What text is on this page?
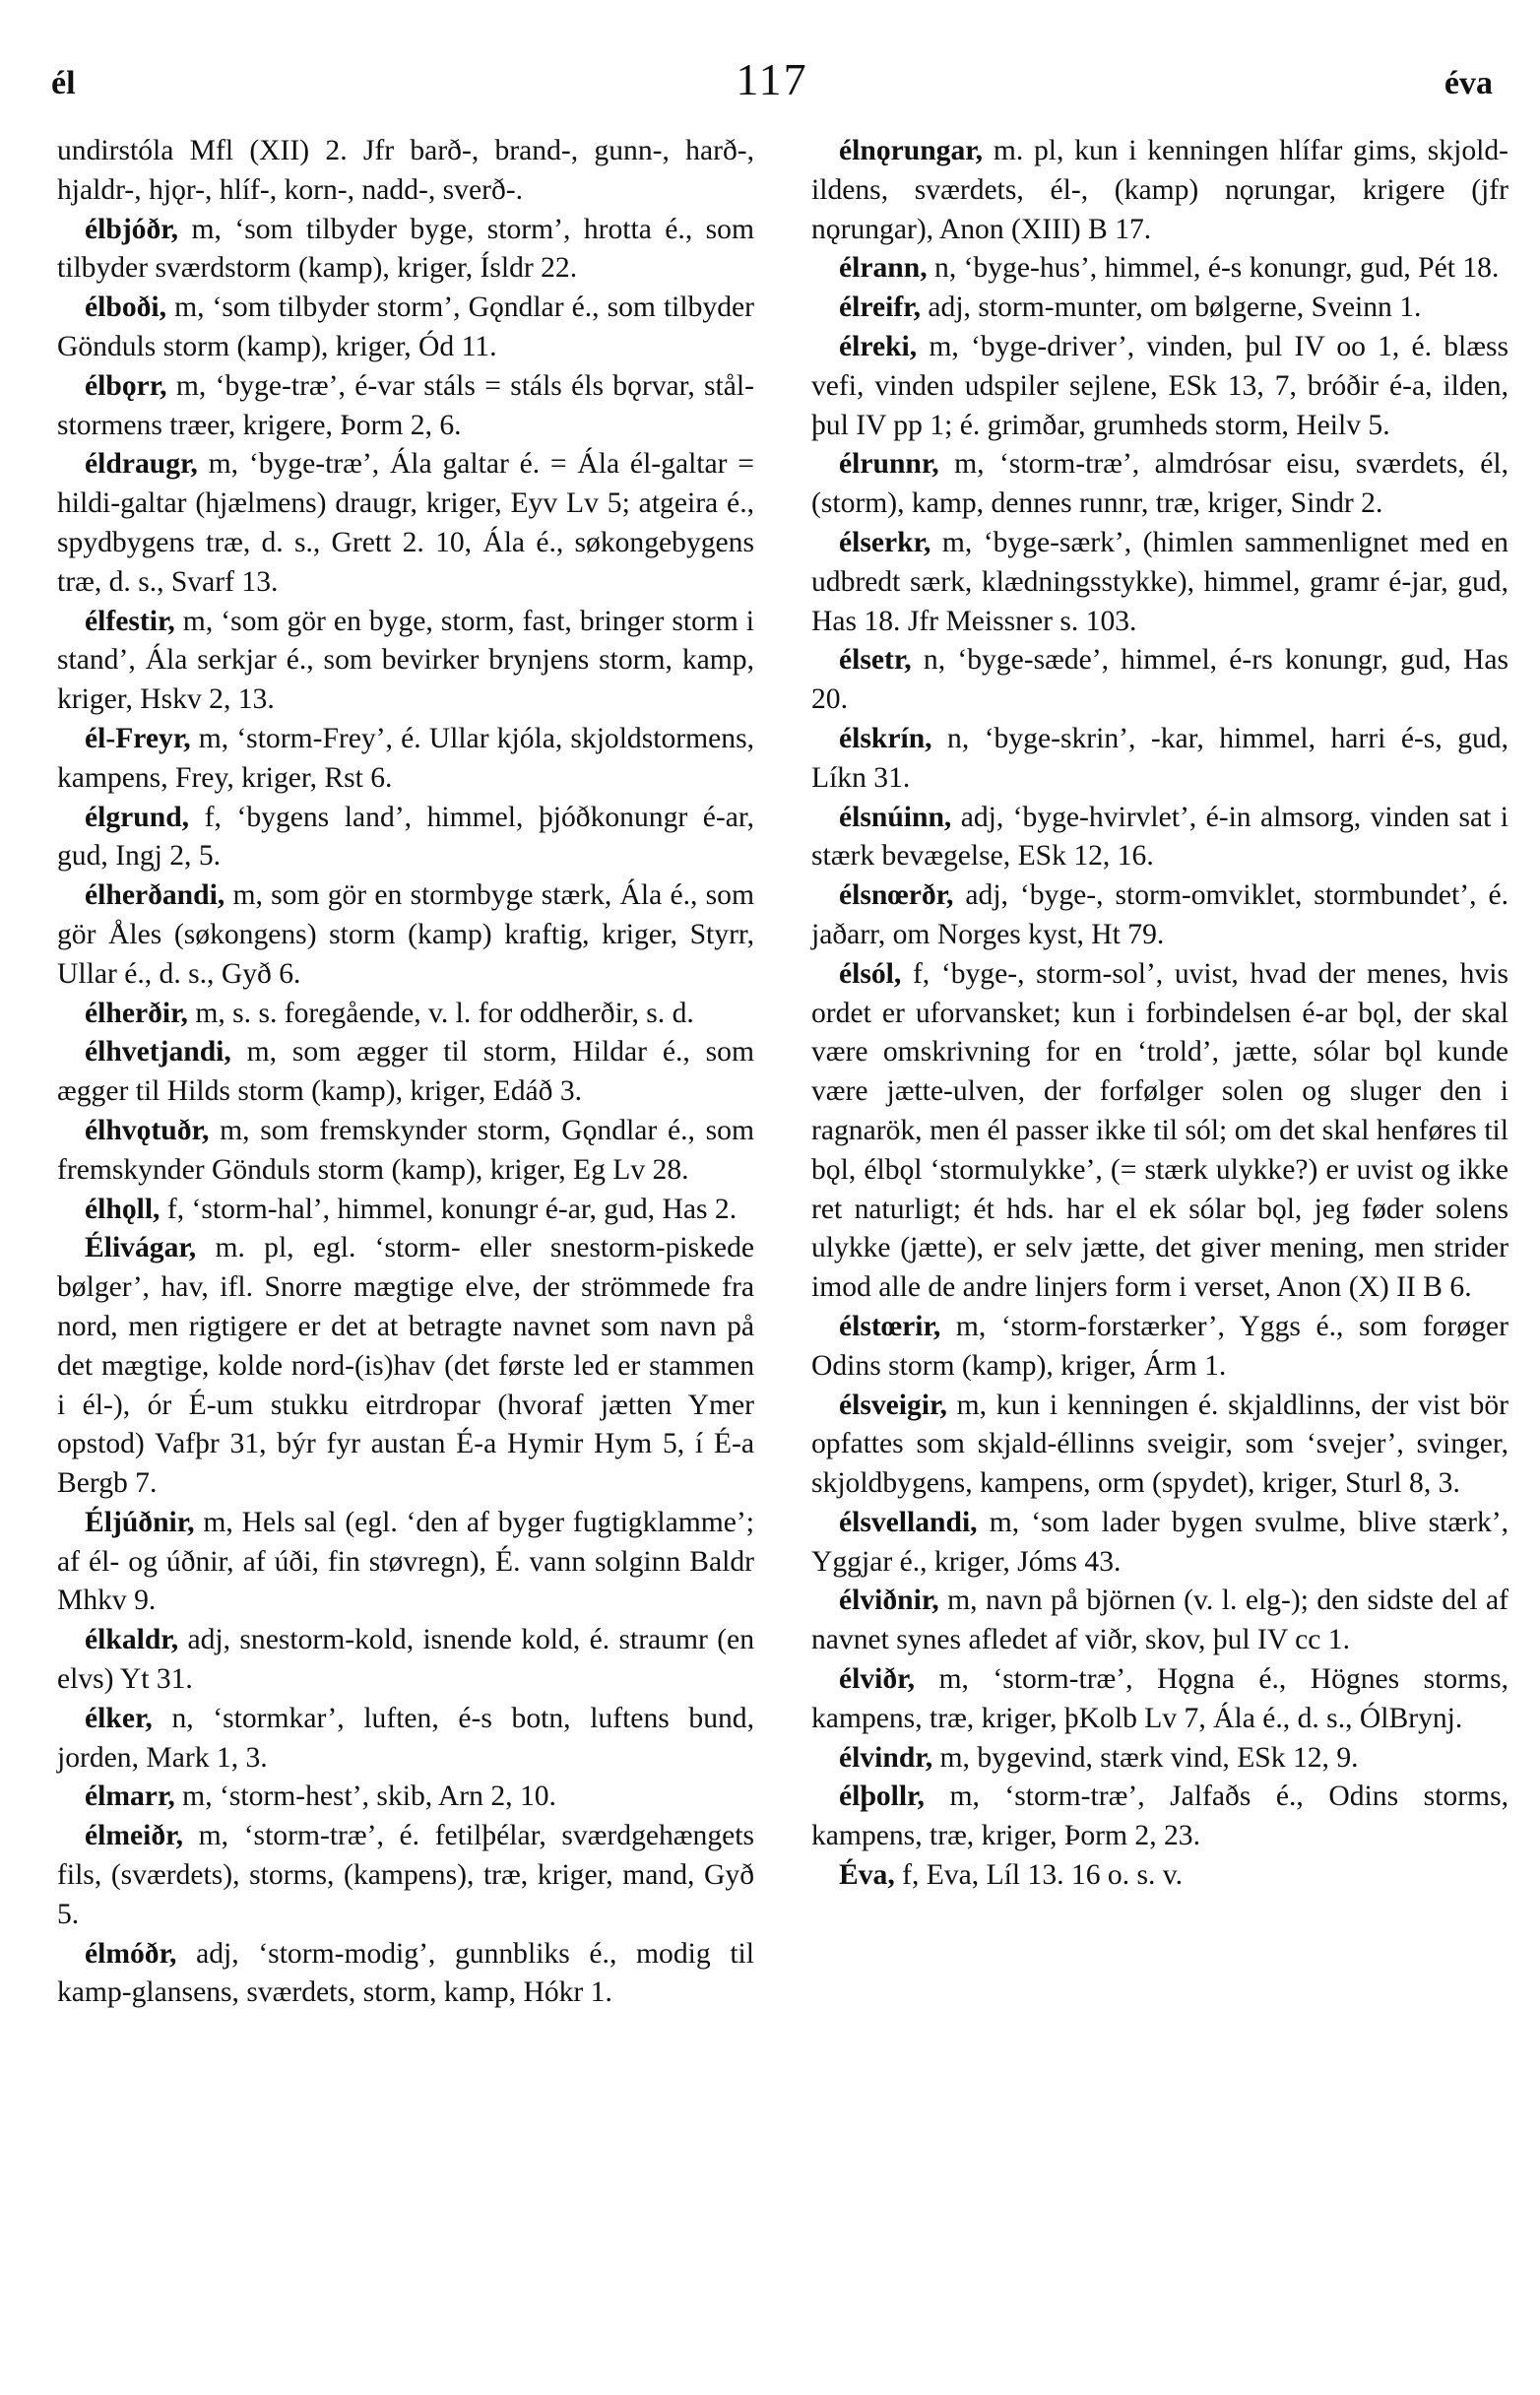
él	117	éva

undirstóla Mfl (XII) 2. Jfr barð-, brand-, gunn-, harð-, hjaldr-, hjǫr-, hlíf-, korn-, nadd-, sverð-.

élbjóðr, m, ‘som tilbyder byge, storm’, hrotta é., som tilbyder sværdstorm (kamp), kriger, Ísldr 22.

élboði, m, ‘som tilbyder storm’, Gǫndlar é., som tilbyder Gönduls storm (kamp), kriger, Ód 11.

élbǫrr, m, ‘byge-træ’, é-var stáls = stáls éls bǫrvar, stål-stormens træer, krigere, Þorm 2, 6.

éldraugr, m, ‘byge-træ’, Ála galtar é. = Ála él-galtar = hildi-galtar (hjælmens) draugr, kriger, Eyv Lv 5; atgeira é., spydbygens træ, d. s., Grett 2. 10, Ála é., søkongebygens træ, d. s., Svarf 13.

élfestir, m, ‘som gör en byge, storm, fast, bringer storm i stand’, Ála serkjar é., som bevirker brynjens storm, kamp, kriger, Hskv 2, 13.

él-Freyr, m, ‘storm-Frey’, é. Ullar kjóla, skjoldstormens, kampens, Frey, kriger, Rst 6.

élgrund, f, ‘bygens land’, himmel, þjóðkonungr é-ar, gud, Ingj 2, 5.

élherðandi, m, som gör en stormbyge stærk, Ála é., som gör Åles (søkongens) storm (kamp) kraftig, kriger, Styrr, Ullar é., d. s., Gyð 6.

élherðir, m, s. s. foregående, v. l. for oddherðir, s. d.

élhvetjandi, m, som ægger til storm, Hildar é., som ægger til Hilds storm (kamp), kriger, Edáð 3.

élhvǫtuðr, m, som fremskynder storm, Gǫndlar é., som fremskynder Gönduls storm (kamp), kriger, Eg Lv 28.

élhǫll, f, ‘storm-hal’, himmel, konungr é-ar, gud, Has 2.

Élivágar, m. pl, egl. ‘storm- eller snestorm-piskede bølger’, hav, ifl. Snorre mægtige elve, der strömmede fra nord, men rigtigere er det at betragte navnet som navn på det mægtige, kolde nord-(is)hav (det første led er stammen i él-), ór É-um stukku eitrdropar (hvoraf jætten Ymer opstod) Vafþr 31, býr fyr austan É-a Hymir Hym 5, í É-a Bergb 7.

Éljúðnir, m, Hels sal (egl. ‘den af byger fugtigklamme’; af él- og úðnir, af úði, fin støvregn), É. vann solginn Baldr Mhkv 9.

élkaldr, adj, snestorm-kold, isnende kold, é. straumr (en elvs) Yt 31.

élker, n, ‘stormkar’, luften, é-s botn, luftens bund, jorden, Mark 1, 3.

élmarr, m, ‘storm-hest’, skib, Arn 2, 10.

élmeiðr, m, ‘storm-træ’, é. fetilþélar, sværdgehængets fils, (sværdets), storms, (kampens), træ, kriger, mand, Gyð 5.

élmóðr, adj, ‘storm-modig’, gunnbliks é., modig til kamp-glansens, sværdets, storm, kamp, Hókr 1.

élnǫrungar, m. pl, kun i kenningen hlífar gims, skjold-ildens, sværdets, él-, (kamp) nǫrungar, krigere (jfr nǫrungar), Anon (XIII) B 17.

élrann, n, ‘byge-hus’, himmel, é-s konungr, gud, Pét 18.

élreifr, adj, storm-munter, om bølgerne, Sveinn 1.

élreki, m, ‘byge-driver’, vinden, þul IV oo 1, é. blæss vefi, vinden udspiler sejlene, ESk 13, 7, bróðir é-a, ilden, þul IV pp 1; é. grimðar, grumheds storm, Heilv 5.

élrunnr, m, ‘storm-træ’, almdrósar eisu, sværdets, él, (storm), kamp, dennes runnr, træ, kriger, Sindr 2.

élserkr, m, ‘byge-særk’, (himlen sammenlignet med en udbredt særk, klædningsstykke), himmel, gramr é-jar, gud, Has 18. Jfr Meissner s. 103.

élsetr, n, ‘byge-sæde’, himmel, é-rs konungr, gud, Has 20.

élskrín, n, ‘byge-skrin’, -kar, himmel, harri é-s, gud, Líkn 31.

élsnúinn, adj, ‘byge-hvirvlet’, é-in almsorg, vinden sat i stærk bevægelse, ESk 12, 16.

élsnœrðr, adj, ‘byge-, storm-omviklet, stormbundet’, é. jaðarr, om Norges kyst, Ht 79.

élsól, f, ‘byge-, storm-sol’, uvist, hvad der menes, hvis ordet er uforvansket; kun i forbindelsen é-ar bǫl, der skal være omskrivning for en ‘trold’, jætte, sólar bǫl kunde være jætte-ulven, der forfølger solen og sluger den i ragnarök, men él passer ikke til sól; om det skal henføres til bǫl, élbǫl ‘stormulykke’, (= stærk ulykke?) er uvist og ikke ret naturligt; ét hds. har el ek sólar bǫl, jeg føder solens ulykke (jætte), er selv jætte, det giver mening, men strider imod alle de andre linjers form i verset, Anon (X) II B 6.

élstœrir, m, ‘storm-forstærker’, Yggs é., som forøger Odins storm (kamp), kriger, Árm 1.

élsveigir, m, kun i kenningen é. skjaldlinns, der vist bör opfattes som skjald-éllinns sveigir, som ‘svejer’, svinger, skjoldbygens, kampens, orm (spydet), kriger, Sturl 8, 3.

élsvellandi, m, ‘som lader bygen svulme, blive stærk’, Yggjar é., kriger, Jóms 43.

élviðnir, m, navn på björnen (v. l. elg-); den sidste del af navnet synes afledet af viðr, skov, þul IV cc 1.

élviðr, m, ‘storm-træ’, Hǫgna é., Högnes storms, kampens, træ, kriger, þKolb Lv 7, Ála é., d. s., ÓlBrynj.

élvindr, m, bygevind, stærk vind, ESk 12, 9.

élþollr, m, ‘storm-træ’, Jalfaðs é., Odins storms, kampens, træ, kriger, Þorm 2, 23.

Éva, f, Eva, Líl 13. 16 o. s. v.
